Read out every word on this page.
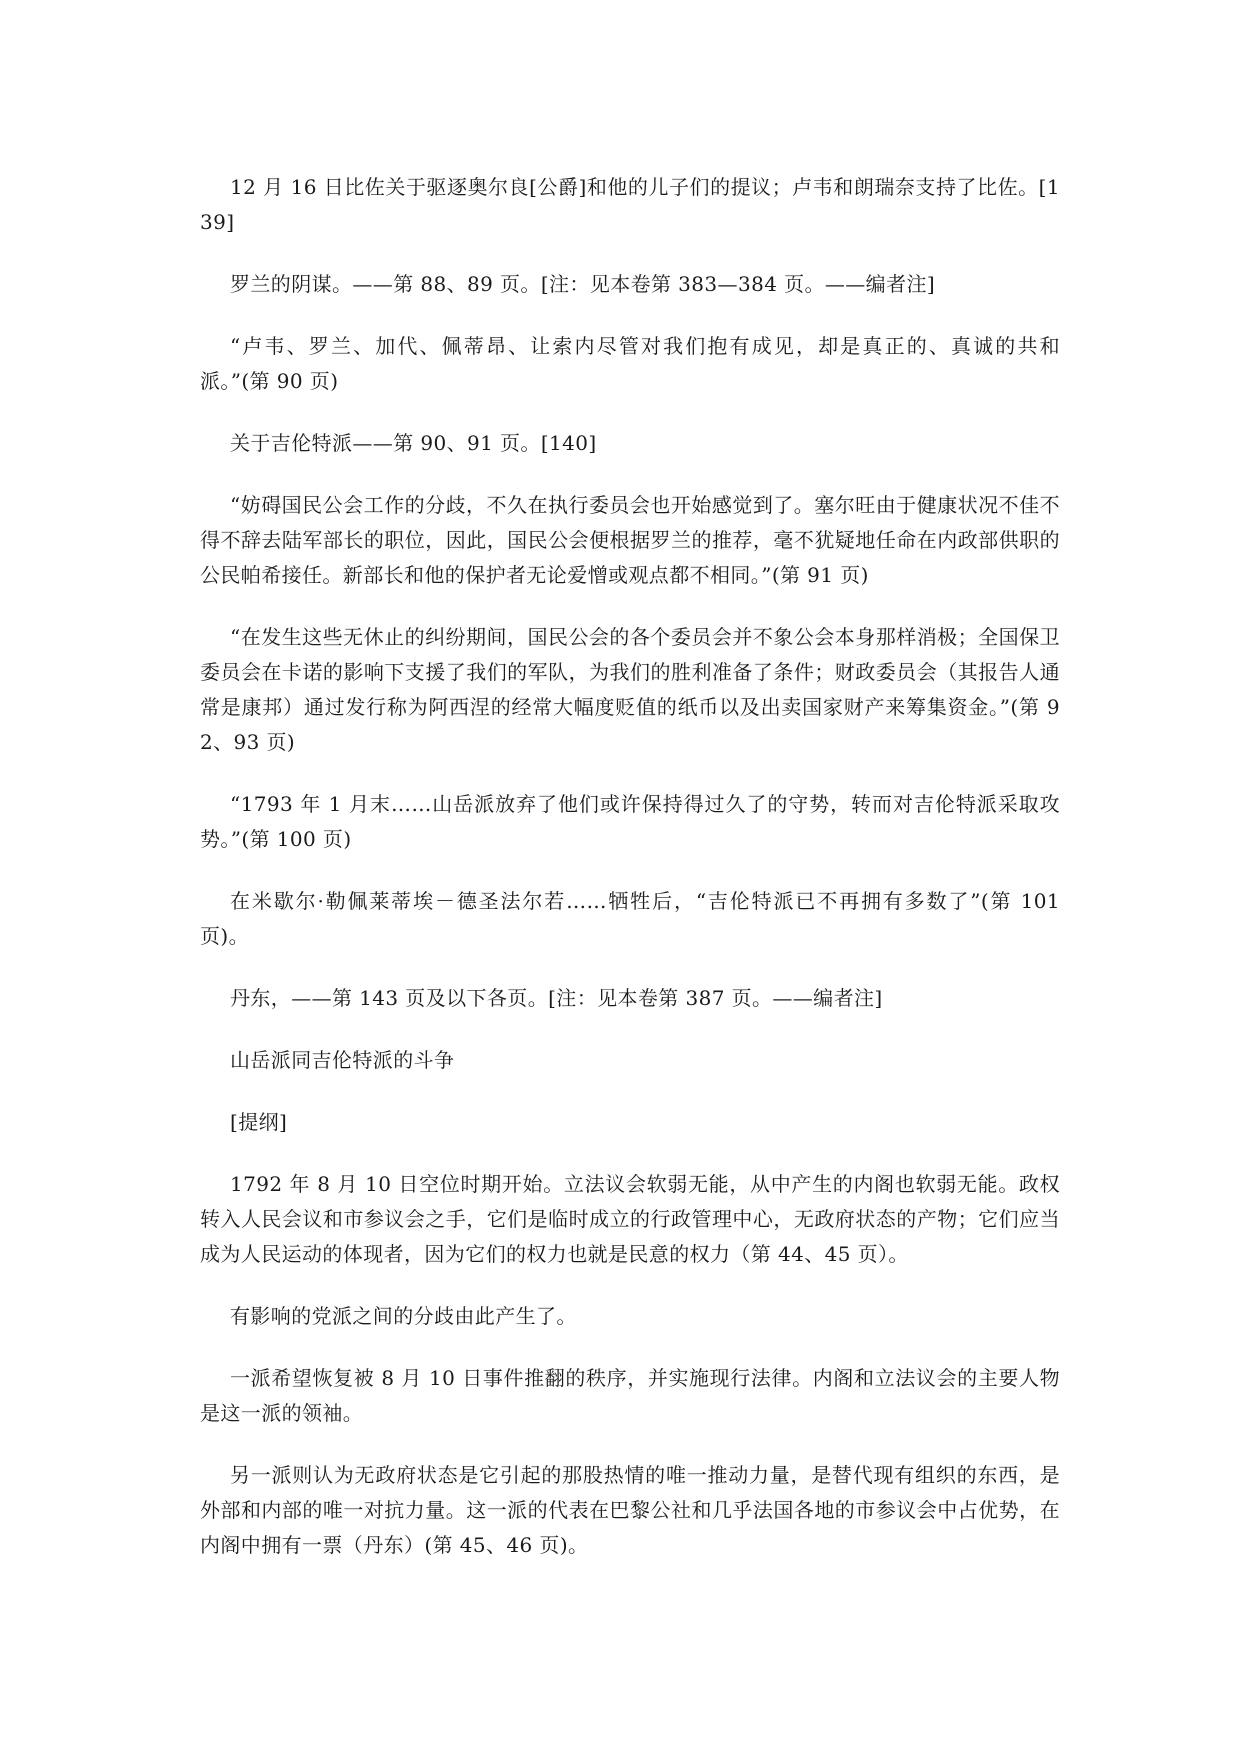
12 月 16 日比佐关于驱逐奥尔良[公爵]和他的儿子们的提议；卢韦和朗瑞奈支持了比佐。[139]

罗兰的阴谋。——第 88、89 页。[注：见本卷第 383—384 页。——编者注]

“卢韦、罗兰、加代、佩蒂昂、让索内尽管对我们抱有成见，却是真正的、真诚的共和派。”(第 90 页)

关于吉伦特派——第 90、91 页。[140]

“妨碍国民公会工作的分歧，不久在执行委员会也开始感觉到了。塞尔旺由于健康状况不佳不得不辞去陆军部长的职位，因此，国民公会便根据罗兰的推荐，毫不犹疑地任命在内政部供职的公民帕希接任。新部长和他的保护者无论爱憎或观点都不相同。”(第 91 页)

“在发生这些无休止的纠纷期间，国民公会的各个委员会并不象公会本身那样消极；全国保卫委员会在卡诺的影响下支援了我们的军队，为我们的胜利准备了条件；财政委员会（其报告人通常是康邦）通过发行称为阿西涅的经常大幅度贬值的纸币以及出卖国家财产来筹集资金。”(第 92、93 页)

“1793 年 1 月末……山岳派放弃了他们或许保持得过久了的守势，转而对吉伦特派采取攻势。”(第 100 页)

在米歇尔·勒佩莱蒂埃－德圣法尔若……牺牲后，“吉伦特派已不再拥有多数了”(第 101 页)。

丹东，——第 143 页及以下各页。[注：见本卷第 387 页。——编者注]

山岳派同吉伦特派的斗争

[提纲]

1792 年 8 月 10 日空位时期开始。立法议会软弱无能，从中产生的内阁也软弱无能。政权转入人民会议和市参议会之手，它们是临时成立的行政管理中心，无政府状态的产物；它们应当成为人民运动的体现者，因为它们的权力也就是民意的权力（第 44、45 页）。

有影响的党派之间的分歧由此产生了。

一派希望恢复被 8 月 10 日事件推翻的秩序，并实施现行法律。内阁和立法议会的主要人物是这一派的领袖。

另一派则认为无政府状态是它引起的那股热情的唯一推动力量，是替代现有组织的东西，是外部和内部的唯一对抗力量。这一派的代表在巴黎公社和几乎法国各地的市参议会中占优势，在内阁中拥有一票（丹东）(第 45、46 页)。
